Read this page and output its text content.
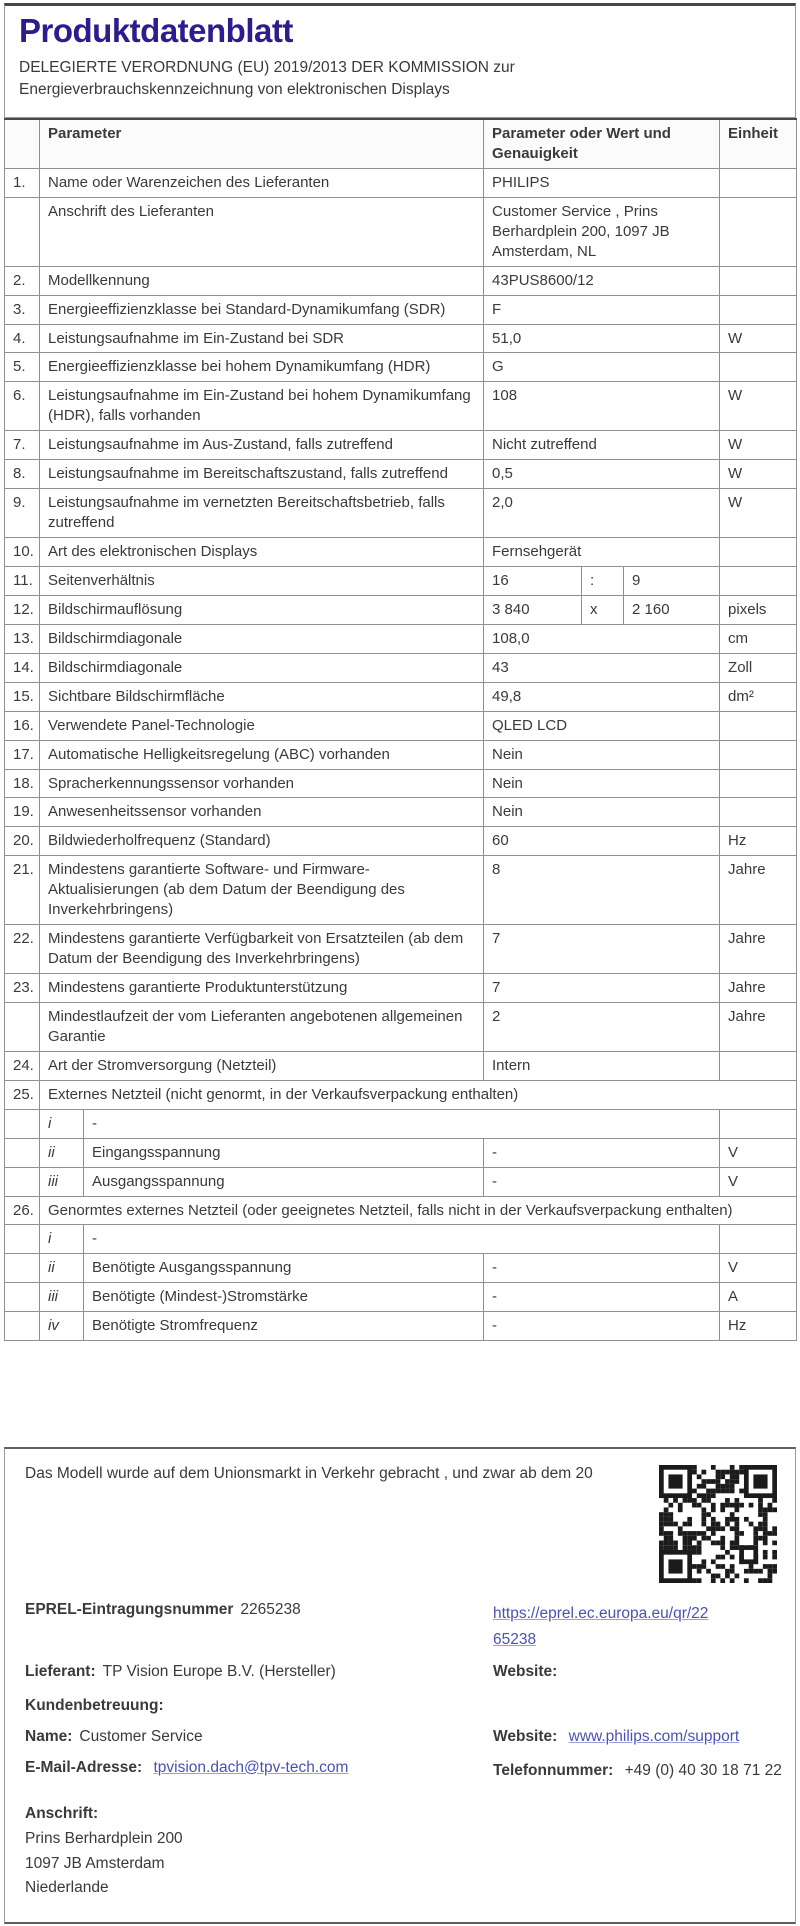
Produktdatenblatt
DELEGIERTE VERORDNUNG (EU) 2019/2013 DER KOMMISSION zur
Energieverbrauchskennzeichnung von elektronischen Displays
	Parameter		Parameter oder Wert und Genauigkeit			Einheit
1.	Name oder Warenzeichen des Lieferanten		PHILIPS			
	Anschrift des Lieferanten		Customer Service , Prins Berhardplein 200, 1097 JB Amsterdam, NL			
2.	Modellkennung		43PUS8600/12			
3.	Energieeffizienzklasse bei Standard-Dynamikumfang (SDR)		F			
4.	Leistungsaufnahme im Ein-Zustand bei SDR		51,0			W
5.	Energieeffizienzklasse bei hohem Dynamikumfang (HDR)		G			
6.	Leistungsaufnahme im Ein-Zustand bei hohem Dynamikumfang (HDR), falls vorhanden		108			W
7.	Leistungsaufnahme im Aus-Zustand, falls zutreffend		Nicht zutreffend			W
8.	Leistungsaufnahme im Bereitschaftszustand, falls zutreffend		0,5			W
9.	Leistungsaufnahme im vernetzten Bereitschaftsbetrieb, falls zutreffend		2,0			W
10.	Art des elektronischen Displays		Fernsehgerät			
11.	Seitenverhältnis		16	:	9	
12.	Bildschirmauflösung		3 840	x	2 160	pixels
13.	Bildschirmdiagonale		108,0			cm
14.	Bildschirmdiagonale		43			Zoll
15.	Sichtbare Bildschirmfläche		49,8			dm²
16.	Verwendete Panel-Technologie		QLED LCD			
17.	Automatische Helligkeitsregelung (ABC) vorhanden		Nein			
18.	Spracherkennungssensor vorhanden		Nein			
19.	Anwesenheitssensor vorhanden		Nein			
20.	Bildwiederholfrequenz (Standard)		60			Hz
21.	Mindestens garantierte Software- und Firmware-Aktualisierungen (ab dem Datum der Beendigung des Inverkehrbringens)		8			Jahre
22.	Mindestens garantierte Verfügbarkeit von Ersatzteilen (ab dem Datum der Beendigung des Inverkehrbringens)		7			Jahre
23.	Mindestens garantierte Produktunterstützung		7			Jahre
	Mindestlaufzeit der vom Lieferanten angebotenen allgemeinen Garantie		2			Jahre
24.	Art der Stromversorgung (Netzteil)		Intern			
25.	Externes Netzteil (nicht genormt, in der Verkaufsverpackung enthalten)					
	i	-				
	ii	Eingangsspannung	-			V
	iii	Ausgangsspannung	-			V
26.	Genormtes externes Netzteil (oder geeignetes Netzteil, falls nicht in der Verkaufsverpackung enthalten)					
	i	-				
	ii	Benötigte Ausgangsspannung	-			V
	iii	Benötigte (Mindest-)Stromstärke	-			A
	iv	Benötigte Stromfrequenz	-			Hz
Das Modell wurde auf dem Unionsmarkt in Verkehr gebracht , und zwar ab dem 20
EPREL-Eintragungsnummer 2265238	https://eprel.ec.europa.eu/qr/22
65238
Lieferant: TP Vision Europe B.V. (Hersteller)	Website:
Kundenbetreuung:
Name: Customer Service	Website: www.philips.com/support
E-Mail-Adresse: tpvision.dach@tpv-tech.com	Telefonnummer: +49 (0) 40 30 18 71 22
Anschrift:
Prins Berhardplein 200
1097 JB Amsterdam
Niederlande
